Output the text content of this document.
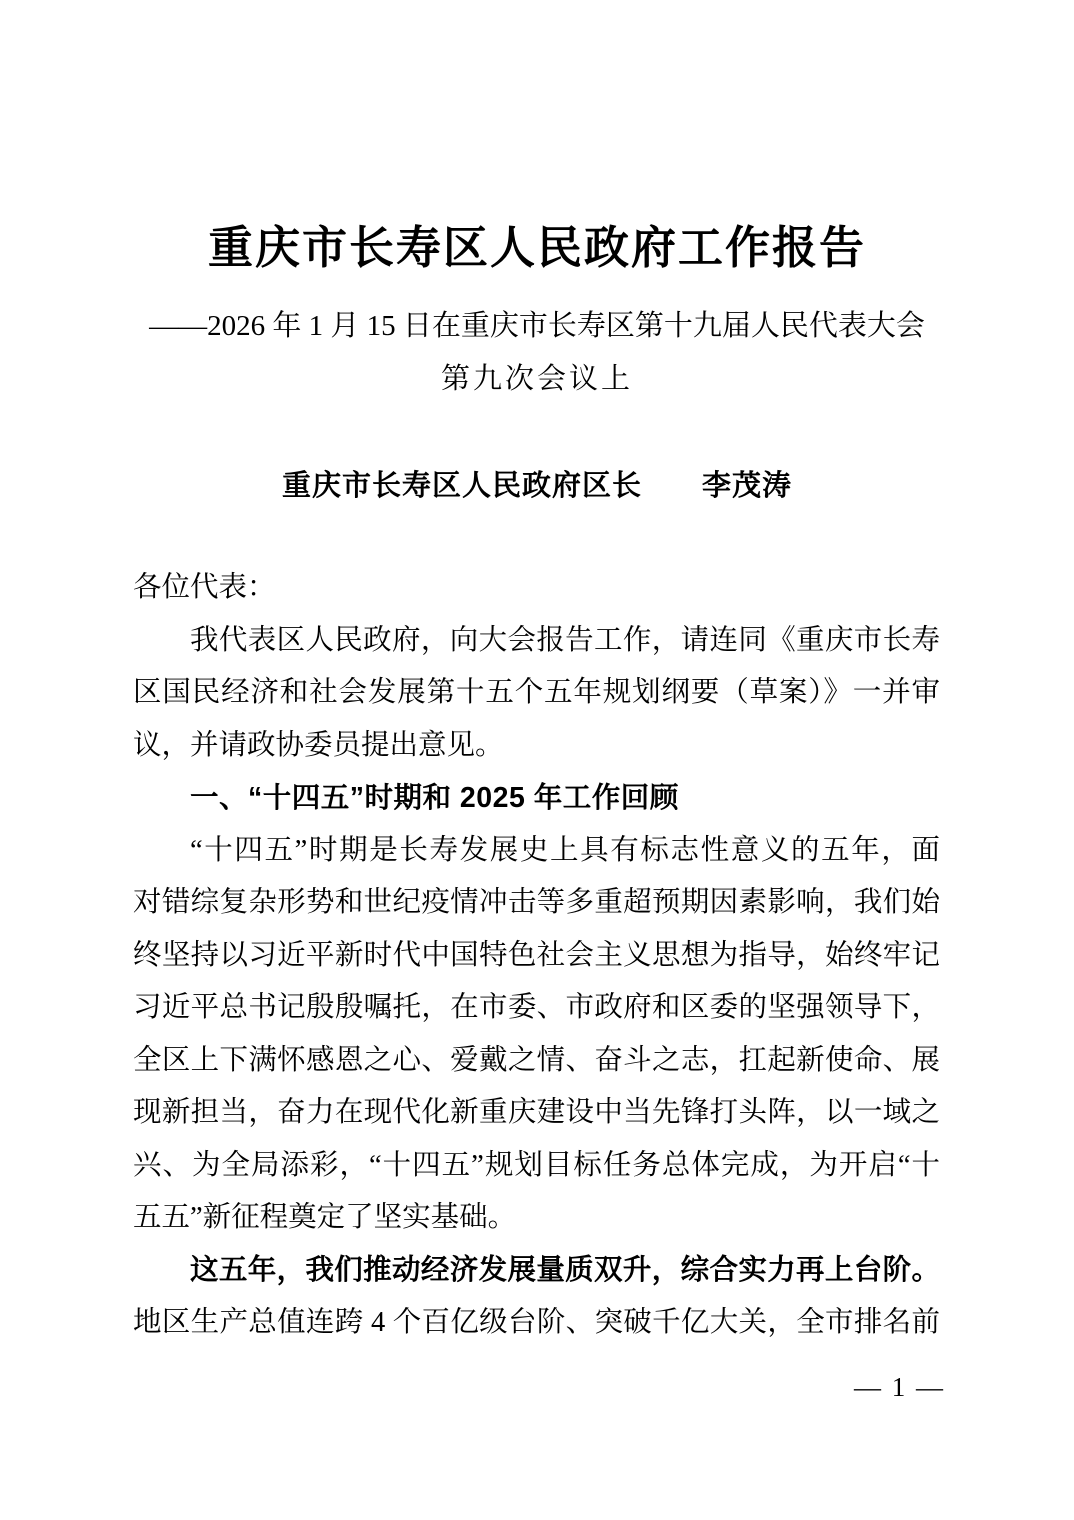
重庆市长寿区人民政府工作报告
——2026 年 1 月 15 日在重庆市长寿区第十九届人民代表大会
第九次会议上
重庆市长寿区人民政府区长　　李茂涛
各位代表：
我代表区人民政府，向大会报告工作，请连同《重庆市长寿
区国民经济和社会发展第十五个五年规划纲要（草案）》一并审
议，并请政协委员提出意见。
一、“十四五”时期和 2025 年工作回顾
“十四五”时期是长寿发展史上具有标志性意义的五年，面
对错综复杂形势和世纪疫情冲击等多重超预期因素影响，我们始
终坚持以习近平新时代中国特色社会主义思想为指导，始终牢记
习近平总书记殷殷嘱托，在市委、市政府和区委的坚强领导下，
全区上下满怀感恩之心、爱戴之情、奋斗之志，扛起新使命、展
现新担当，奋力在现代化新重庆建设中当先锋打头阵，以一域之
兴、为全局添彩，“十四五”规划目标任务总体完成，为开启“十
五五”新征程奠定了坚实基础。
这五年，我们推动经济发展量质双升，综合实力再上台阶。
地区生产总值连跨 4 个百亿级台阶、突破千亿大关，全市排名前
— 1 —
